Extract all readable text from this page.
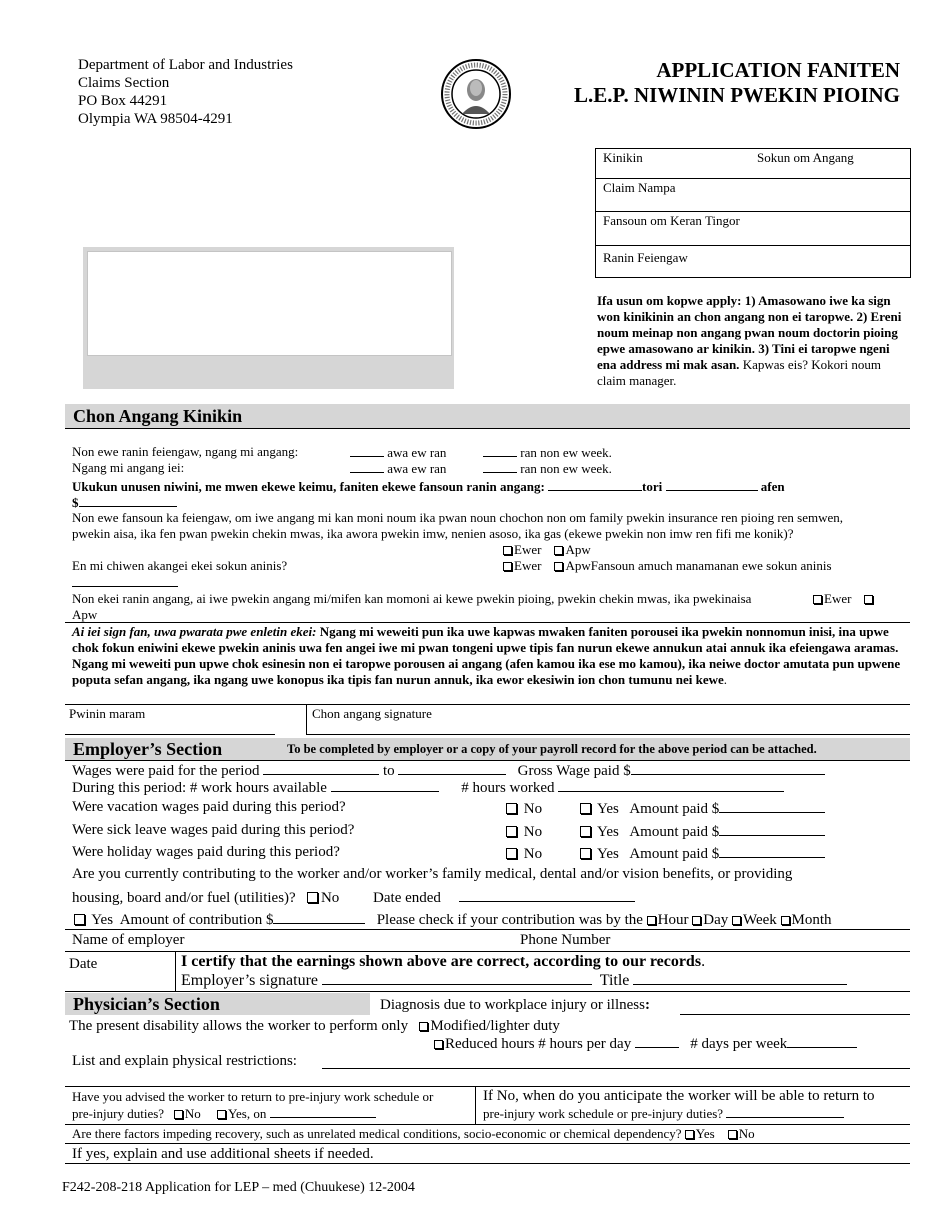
Department of Labor and Industries
Claims Section
PO Box 44291
Olympia WA 98504-4291
APPLICATION FANITEN
L.E.P. NIWININ PWEKIN PIOING
Kinikin	Sokun om Angang
Claim Nampa
Fansoun om Keran Tingor
Ranin Feiengaw
Ifa usun om kopwe apply: 1) Amasowano iwe ka sign won kinikinin an chon angang non ei taropwe. 2) Ereni noum meinap non angang pwan noum doctorin pioing epwe amasowano ar kinikin. 3) Tini ei taropwe ngeni ena address mi mak asan. Kapwas eis? Kokori noum claim manager.
Chon Angang Kinikin
Non ewe ranin feiengaw, ngang mi angang:	awa ew ran	ran non ew week.
Ngang mi angang iei:	awa ew ran	ran non ew week.
Ukukun unusen niwini, me mwen ekewe keimu, faniten ekewe fansoun ranin angang:	tori	afen
$
Non ewe fansoun ka feiengaw, om iwe angang mi kan moni noum ika pwan noun chochon non om family pwekin insurance ren pioing ren semwen, pwekin aisa, ika fen pwan pwekin chekin mwas, ika awora pwekin imw, nenien asoso, ika gas (ekewe pwekin non imw ren fifi me konik)?
Ewer Apw
En mi chiwen akangei ekei sokun aninis?	Ewer ApwFansoun amuch manamanan ewe sokun aninis
Non ekei ranin angang, ai iwe pwekin angang mi/mifen kan momoni ai kewe pwekin pioing, pwekin chekin mwas, ika pwekinaisa	Ewer
Apw
Ai iei sign fan, uwa pwarata pwe enletin ekei: Ngang mi weweiti pun ika uwe kapwas mwaken faniten porousei ika pwekin nonnomun inisi, ina upwe chok fokun eniwini ekewe pwekin aninis uwa fen angei iwe mi pwan tongeni upwe tipis fan nurun ekewe annukun atai annuk ika efeiengawa aramas. Ngang mi weweiti pun upwe chok esinesin non ei taropwe porousen ai angang (afen kamou ika ese mo kamou), ika neiwe doctor amutata pun upwene poputa sefan angang, ika ngang uwe konopus ika tipis fan nurun annuk, ika ewor ekesiwin ion chon tumunu nei kewe.
Pwinin maram	Chon angang signature
Employer’s Section	To be completed by employer or a copy of your payroll record for the above period can be attached.
Wages were paid for the period	to	Gross Wage paid $
During this period: # work hours available	# hours worked
Were vacation wages paid during this period?	No	Yes Amount paid $
Were sick leave wages paid during this period?	No	Yes Amount paid $
Were holiday wages paid during this period?	No	Yes Amount paid $
Are you currently contributing to the worker and/or worker’s family medical, dental and/or vision benefits, or providing
housing, board and/or fuel (utilities)? No Date ended
Yes Amount of contribution $	Please check if your contribution was by the Hour Day Week Month
Name of employer	Phone Number
Date	I certify that the earnings shown above are correct, according to our records.
Employer’s signature	Title
Physician’s Section	Diagnosis due to workplace injury or illness:
The present disability allows the worker to perform only Modified/lighter duty
Reduced hours # hours per day	# days per week
List and explain physical restrictions:
Have you advised the worker to return to pre-injury work schedule or
pre-injury duties? No Yes, on
If No, when do you anticipate the worker will be able to return to
pre-injury work schedule or pre-injury duties?
Are there factors impeding recovery, such as unrelated medical conditions, socio-economic or chemical dependency? Yes No
If yes, explain and use additional sheets if needed.
F242-208-218 Application for LEP – med (Chuukese) 12-2004
